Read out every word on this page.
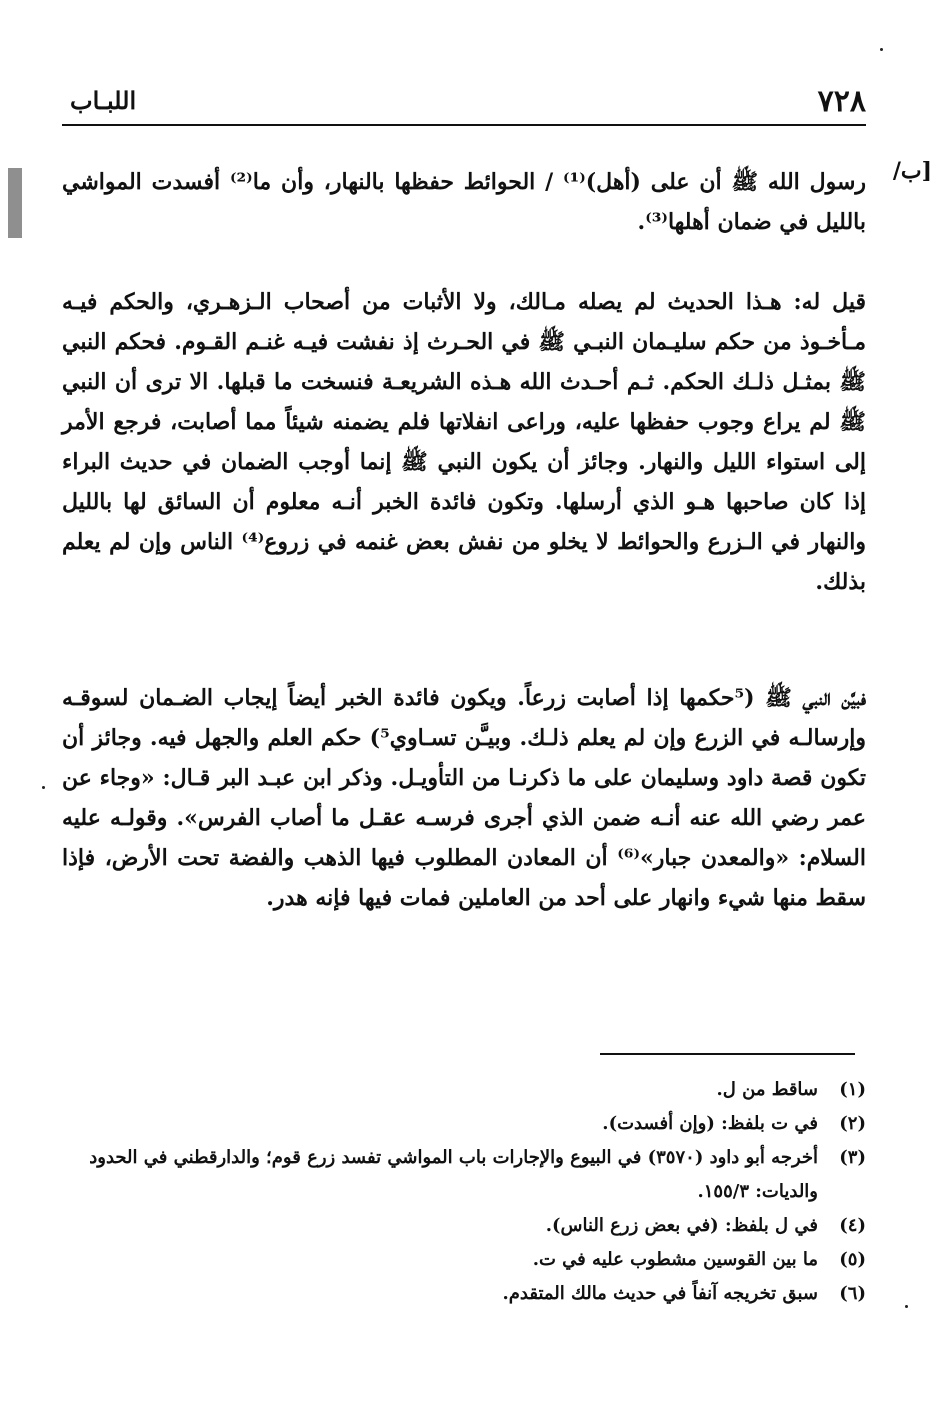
٧٢٨
اللبـاب
/ب]

رسول الله ﷺ أن على (أهل)⁽¹⁾ / الحوائط حفظها بالنهار، وأن ما⁽²⁾ أفسدت المواشي بالليل في ضمان أهلها⁽³⁾.

قيل له: هـذا الحديث لم يصله مـالك، ولا الأثبات من أصحاب الـزهـري، والحكم فيـه مـأخـوذ من حكم سليـمان النبـي ﷺ في الحـرث إذ نفشت فيـه غنـم القـوم. فحكم النبي ﷺ بمثـل ذلـك الحكم. ثـم أحـدث الله هـذه الشريعـة فنسخت ما قبلها. الا ترى أن النبي ﷺ لم يراع وجوب حفظها عليه، وراعى انفلاتها فلم يضمنه شيئاً مما أصابت، فرجع الأمر إلى استواء الليل والنهار. وجائز أن يكون النبي ﷺ إنما أوجب الضمان في حديث البراء إذا كان صاحبها هـو الذي أرسلها. وتكون فائدة الخبر أنـه معلوم أن السائق لها بالليل والنهار في الـزرع والحوائط لا يخلو من نفش بعض غنمه في زروع⁽⁴⁾ الناس وإن لم يعلم بذلك.

فبيَّن النبي ﷺ (⁵حكمها إذا أصابت زرعاً. ويكون فائدة الخبر أيضاً إيجاب الضـمان لسوقـه وإرسالـه في الزرع وإن لم يعلم ذلـك. وبيـَّن تسـاوي⁵) حكم العلم والجهل فيه. وجائز أن تكون قصة داود وسليمان على ما ذكرنـا من التأويـل. وذكر ابن عبـد البر قـال: «وجاء عن عمر رضي الله عنه أنـه ضمن الذي أجرى فرسـه عقـل ما أصاب الفرس». وقولـه عليه السلام: «والمعدن جبار»⁽⁶⁾ أن المعادن المطلوب فيها الذهب والفضة تحت الأرض، فإذا سقط منها شيء وانهار على أحد من العاملين فمات فيها فإنه هدر.

(١)
ساقط من ل.
(٢)
في ت بلفظ: (وإن أفسدت).
(٣)
أخرجه أبو داود (٣٥٧٠) في البيوع والإجارات باب المواشي تفسد زرع قوم؛ والدارقطني في الحدود والديات: ١٥٥/٣.
(٤)
في ل بلفظ: (في بعض زرع الناس).
(٥)
ما بين القوسين مشطوب عليه في ت.
(٦)
سبق تخريجه آنفاً في حديث مالك المتقدم.
